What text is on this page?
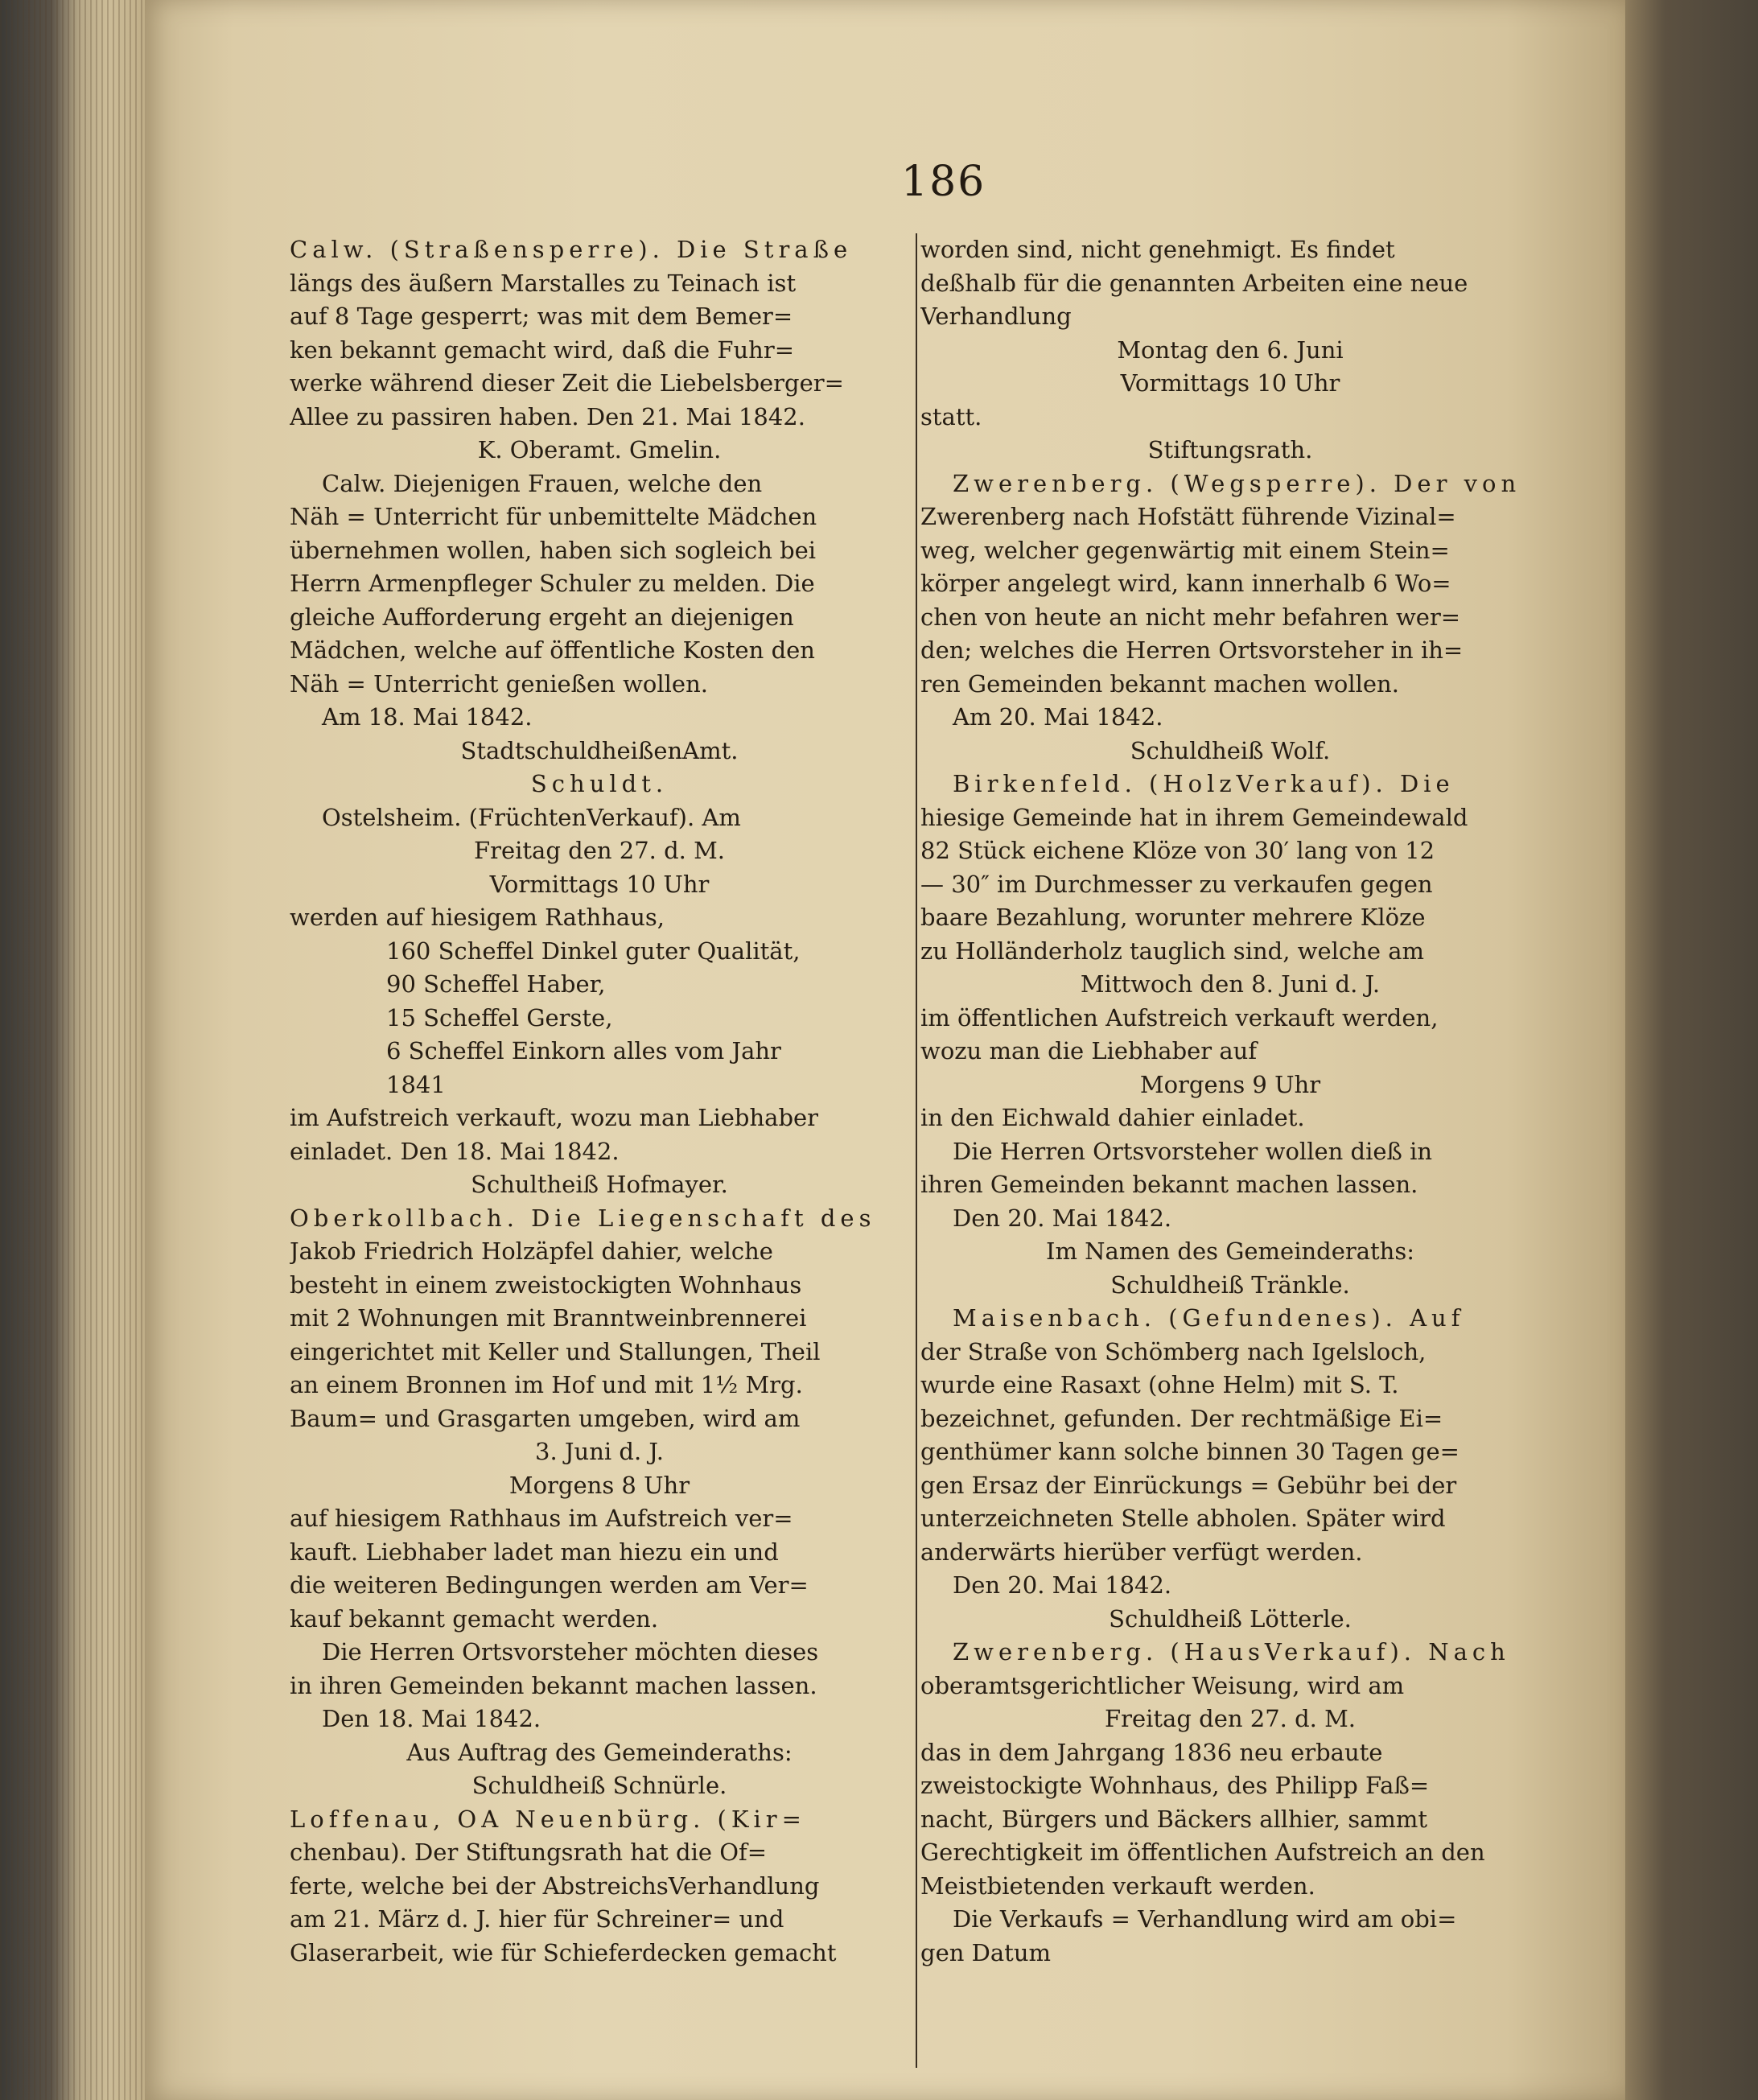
186
Calw. (Straßensperre). Die Straße
längs des äußern Marstalles zu Teinach ist
auf 8 Tage gesperrt; was mit dem Bemer=
ken bekannt gemacht wird, daß die Fuhr=
werke während dieser Zeit die Liebelsberger=
Allee zu passiren haben. Den 21. Mai 1842.
K. Oberamt. Gmelin.
Calw. Diejenigen Frauen, welche den
Näh = Unterricht für unbemittelte Mädchen
übernehmen wollen, haben sich sogleich bei
Herrn Armenpfleger Schuler zu melden. Die
gleiche Aufforderung ergeht an diejenigen
Mädchen, welche auf öffentliche Kosten den
Näh = Unterricht genießen wollen.
Am 18. Mai 1842.
StadtschuldheißenAmt.
Schuldt.
Ostelsheim. (FrüchtenVerkauf). Am
Freitag den 27. d. M.
Vormittags 10 Uhr
werden auf hiesigem Rathhaus,
160 Scheffel Dinkel guter Qualität,
90 Scheffel Haber,
15 Scheffel Gerste,
6 Scheffel Einkorn alles vom Jahr
1841
im Aufstreich verkauft, wozu man Liebhaber
einladet. Den 18. Mai 1842.
Schultheiß Hofmayer.
Oberkollbach. Die Liegenschaft des
Jakob Friedrich Holzäpfel dahier, welche
besteht in einem zweistockigten Wohnhaus
mit 2 Wohnungen mit Branntweinbrennerei
eingerichtet mit Keller und Stallungen, Theil
an einem Bronnen im Hof und mit 1½ Mrg.
Baum= und Grasgarten umgeben, wird am
3. Juni d. J.
Morgens 8 Uhr
auf hiesigem Rathhaus im Aufstreich ver=
kauft. Liebhaber ladet man hiezu ein und
die weiteren Bedingungen werden am Ver=
kauf bekannt gemacht werden.
Die Herren Ortsvorsteher möchten dieses
in ihren Gemeinden bekannt machen lassen.
Den 18. Mai 1842.
Aus Auftrag des Gemeinderaths:
Schuldheiß Schnürle.
Loffenau, OA Neuenbürg. (Kir=
chenbau). Der Stiftungsrath hat die Of=
ferte, welche bei der AbstreichsVerhandlung
am 21. März d. J. hier für Schreiner= und
Glaserarbeit, wie für Schieferdecken gemacht
worden sind, nicht genehmigt. Es findet
deßhalb für die genannten Arbeiten eine neue
Verhandlung
Montag den 6. Juni
Vormittags 10 Uhr
statt.
Stiftungsrath.
Zwerenberg. (Wegsperre). Der von
Zwerenberg nach Hofstätt führende Vizinal=
weg, welcher gegenwärtig mit einem Stein=
körper angelegt wird, kann innerhalb 6 Wo=
chen von heute an nicht mehr befahren wer=
den; welches die Herren Ortsvorsteher in ih=
ren Gemeinden bekannt machen wollen.
Am 20. Mai 1842.
Schuldheiß Wolf.
Birkenfeld. (HolzVerkauf). Die
hiesige Gemeinde hat in ihrem Gemeindewald
82 Stück eichene Klöze von 30′ lang von 12
— 30″ im Durchmesser zu verkaufen gegen
baare Bezahlung, worunter mehrere Klöze
zu Holländerholz tauglich sind, welche am
Mittwoch den 8. Juni d. J.
im öffentlichen Aufstreich verkauft werden,
wozu man die Liebhaber auf
Morgens 9 Uhr
in den Eichwald dahier einladet.
Die Herren Ortsvorsteher wollen dieß in
ihren Gemeinden bekannt machen lassen.
Den 20. Mai 1842.
Im Namen des Gemeinderaths:
Schuldheiß Tränkle.
Maisenbach. (Gefundenes). Auf
der Straße von Schömberg nach Igelsloch,
wurde eine Rasaxt (ohne Helm) mit S. T.
bezeichnet, gefunden. Der rechtmäßige Ei=
genthümer kann solche binnen 30 Tagen ge=
gen Ersaz der Einrückungs = Gebühr bei der
unterzeichneten Stelle abholen. Später wird
anderwärts hierüber verfügt werden.
Den 20. Mai 1842.
Schuldheiß Lötterle.
Zwerenberg. (HausVerkauf). Nach
oberamtsgerichtlicher Weisung, wird am
Freitag den 27. d. M.
das in dem Jahrgang 1836 neu erbaute
zweistockigte Wohnhaus, des Philipp Faß=
nacht, Bürgers und Bäckers allhier, sammt
Gerechtigkeit im öffentlichen Aufstreich an den
Meistbietenden verkauft werden.
Die Verkaufs = Verhandlung wird am obi=
gen Datum
